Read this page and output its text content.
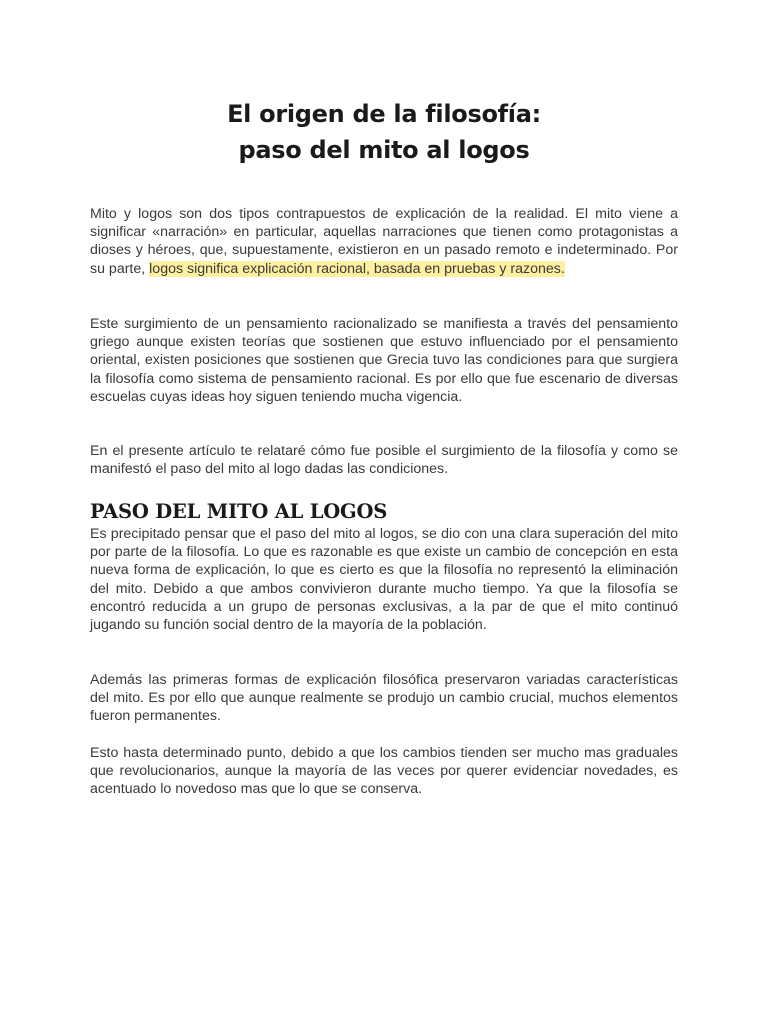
El origen de la filosofía:
paso del mito al logos

Mito y logos son dos tipos contrapuestos de explicación de la realidad. El mito viene a significar «narración» en particular, aquellas narraciones que tienen como protagonistas a dioses y héroes, que, supuestamente, existieron en un pasado remoto e indeterminado. Por su parte, logos significa explicación racional, basada en pruebas y razones.

Este surgimiento de un pensamiento racionalizado se manifiesta a través del pensamiento griego aunque existen teorías que sostienen que estuvo influenciado por el pensamiento oriental, existen posiciones que sostienen que Grecia tuvo las condiciones para que surgiera la filosofía como sistema de pensamiento racional. Es por ello que fue escenario de diversas escuelas cuyas ideas hoy siguen teniendo mucha vigencia.

En el presente artículo te relataré cómo fue posible el surgimiento de la filosofía y como se manifestó el paso del mito al logo dadas las condiciones.

PASO DEL MITO AL LOGOS

Es precipitado pensar que el paso del mito al logos, se dio con una clara superación del mito por parte de la filosofía. Lo que es razonable es que existe un cambio de concepción en esta nueva forma de explicación, lo que es cierto es que la filosofía no representó la eliminación del mito. Debido a que ambos convivieron durante mucho tiempo. Ya que la filosofía se encontró reducida a un grupo de personas exclusivas, a la par de que el mito continuó jugando su función social dentro de la mayoría de la población.

Además las primeras formas de explicación filosófica preservaron variadas características del mito. Es por ello que aunque realmente se produjo un cambio crucial, muchos elementos fueron permanentes.

Esto hasta determinado punto, debido a que los cambios tienden ser mucho mas graduales que revolucionarios, aunque la mayoría de las veces por querer evidenciar novedades, es acentuado lo novedoso mas que lo que se conserva.
